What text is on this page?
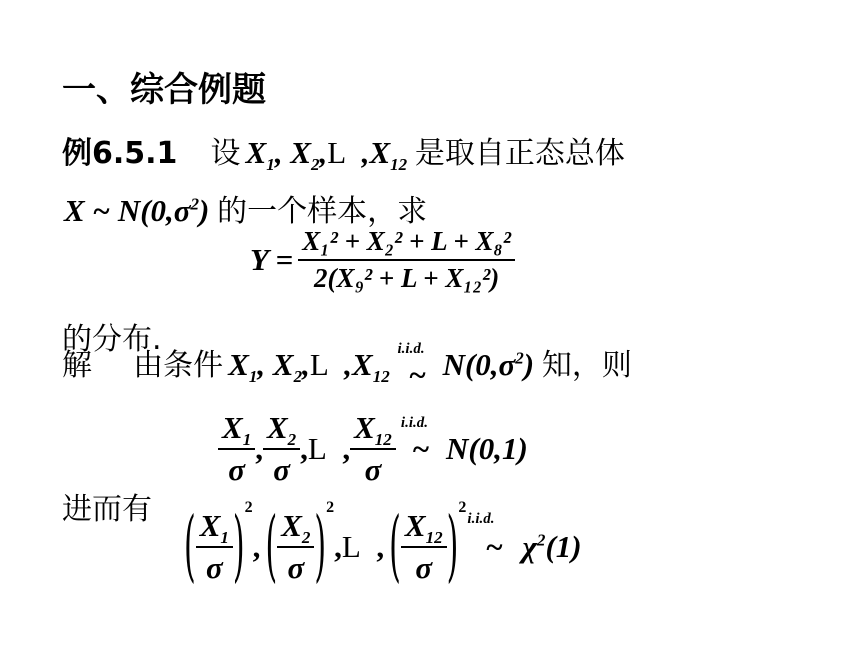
一、综合例题
例6.5.1 设 $X_1$, $X_2,L$  $,X_{12}$ 是取自正态总体
X ~ $N(0,\sigma^2)$ 的一个样本，求
$Y = \frac{\text{X₁² + X₂² + L + X₈²}}{\text{2(X₉² + L + X₁₂²)}}$
的分布.
解 由条件 $X_1$, $X_2,L$  $,X_{12}$
i.i.d.
~ $N(0,\sigma^2)$ 知，则
$\frac{X_1}{\sigma}$ , $\frac{X_2}{\sigma} ,L$  , $\frac{X_{12}}{\sigma}$
i.i.d.
~ N(0,1)
进而有 ( $\frac{X_1}{\sigma} )^2$, ( $\frac{X_2}{\sigma} )^2,L$  , ( $\frac{X_{12}}{\sigma} )^2$
i.i.d.
~ $\chi^2(1)$
